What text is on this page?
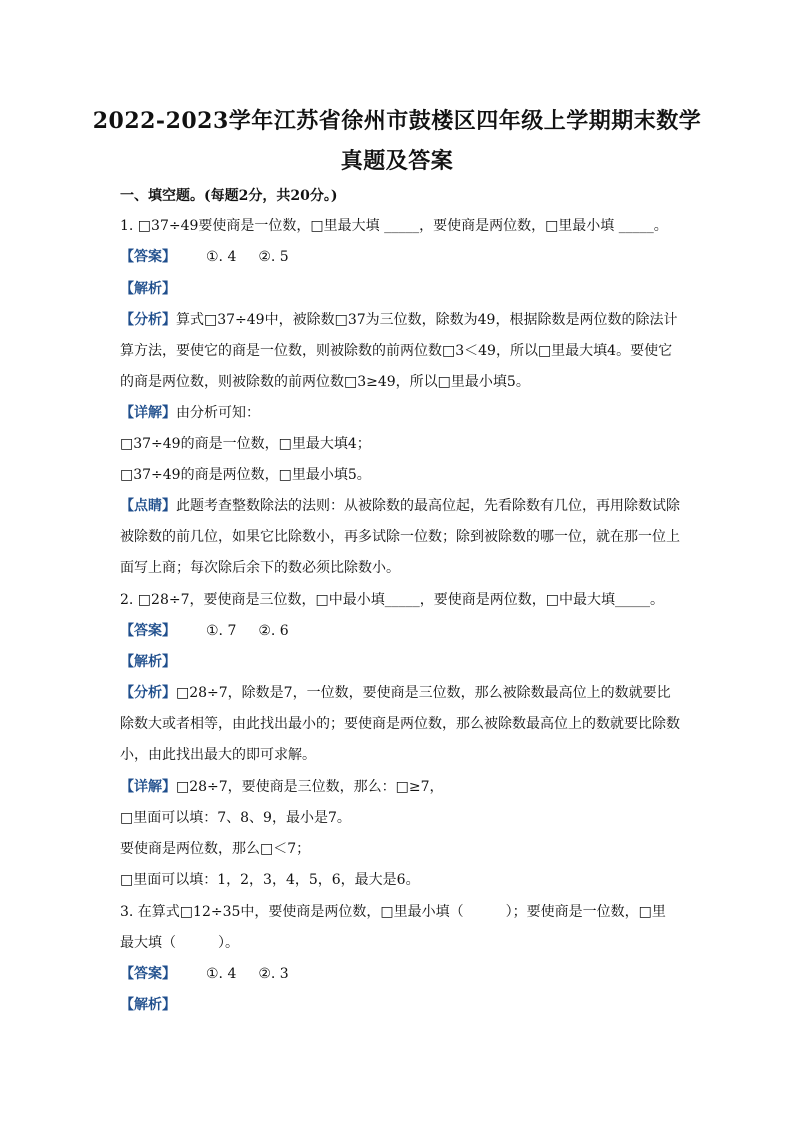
2022-2023学年江苏省徐州市鼓楼区四年级上学期期末数学
真题及答案
一、填空题。(每题2分，共20分。)
1. □37÷49要使商是一位数，□里最大填 _____，要使商是两位数，□里最小填 _____。
【答案】 ①. 4 ②. 5
【解析】
【分析】算式□37÷49中，被除数□37为三位数，除数为49，根据除数是两位数的除法计
算方法，要使它的商是一位数，则被除数的前两位数□3＜49，所以□里最大填4。要使它
的商是两位数，则被除数的前两位数□3≥49，所以□里最小填5。
【详解】由分析可知：
□37÷49的商是一位数，□里最大填4；
□37÷49的商是两位数，□里最小填5。
【点睛】此题考查整数除法的法则：从被除数的最高位起，先看除数有几位，再用除数试除
被除数的前几位，如果它比除数小，再多试除一位数；除到被除数的哪一位，就在那一位上
面写上商；每次除后余下的数必须比除数小。
2. □28÷7，要使商是三位数，□中最小填_____，要使商是两位数，□中最大填_____。
【答案】 ①. 7 ②. 6
【解析】
【分析】□28÷7，除数是7，一位数，要使商是三位数，那么被除数最高位上的数就要比
除数大或者相等，由此找出最小的；要使商是两位数，那么被除数最高位上的数就要比除数
小，由此找出最大的即可求解。
【详解】□28÷7，要使商是三位数，那么：□≥7，
□里面可以填：7、8、9，最小是7。
要使商是两位数，那么□＜7；
□里面可以填：1，2，3，4，5，6，最大是6。
3. 在算式□12÷35中，要使商是两位数，□里最小填（　　　）；要使商是一位数，□里
最大填（　　　）。
【答案】 ①. 4 ②. 3
【解析】
